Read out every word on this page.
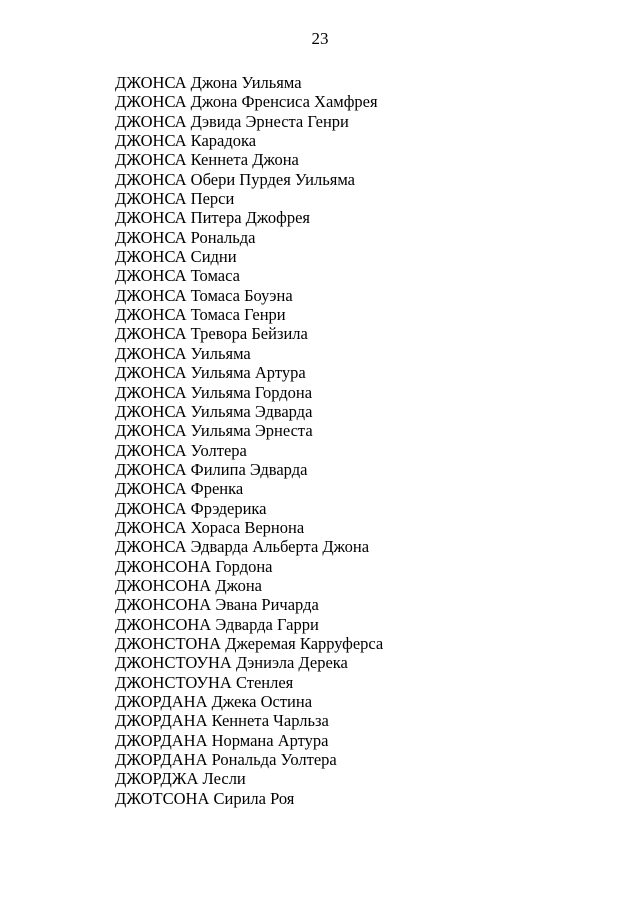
23
ДЖОНСА Джона Уильяма
ДЖОНСА Джона Френсиса Хамфрея
ДЖОНСА Дэвида Эрнеста Генри
ДЖОНСА Карадока
ДЖОНСА Кеннета Джона
ДЖОНСА Обери Пурдея Уильяма
ДЖОНСА Перси
ДЖОНСА Питера Джофрея
ДЖОНСА Рональда
ДЖОНСА Сидни
ДЖОНСА Томаса
ДЖОНСА Томаса Боуэна
ДЖОНСА Томаса Генри
ДЖОНСА Тревора Бейзила
ДЖОНСА Уильяма
ДЖОНСА Уильяма Артура
ДЖОНСА Уильяма Гордона
ДЖОНСА Уильяма Эдварда
ДЖОНСА Уильяма Эрнеста
ДЖОНСА Уолтера
ДЖОНСА Филипа Эдварда
ДЖОНСА Френка
ДЖОНСА Фрэдерика
ДЖОНСА Хораса Вернона
ДЖОНСА Эдварда Альберта Джона
ДЖОНСОНА Гордона
ДЖОНСОНА Джона
ДЖОНСОНА Эвана Ричарда
ДЖОНСОНА Эдварда Гарри
ДЖОНСТОНА Джеремая Карруферса
ДЖОНСТОУНА Дэниэла Дерека
ДЖОНСТОУНА Стенлея
ДЖОРДАНА Джека Остина
ДЖОРДАНА Кеннета Чарльза
ДЖОРДАНА Нормана Артура
ДЖОРДАНА Рональда Уолтера
ДЖОРДЖА Лесли
ДЖОТСОНА Сирила Роя
